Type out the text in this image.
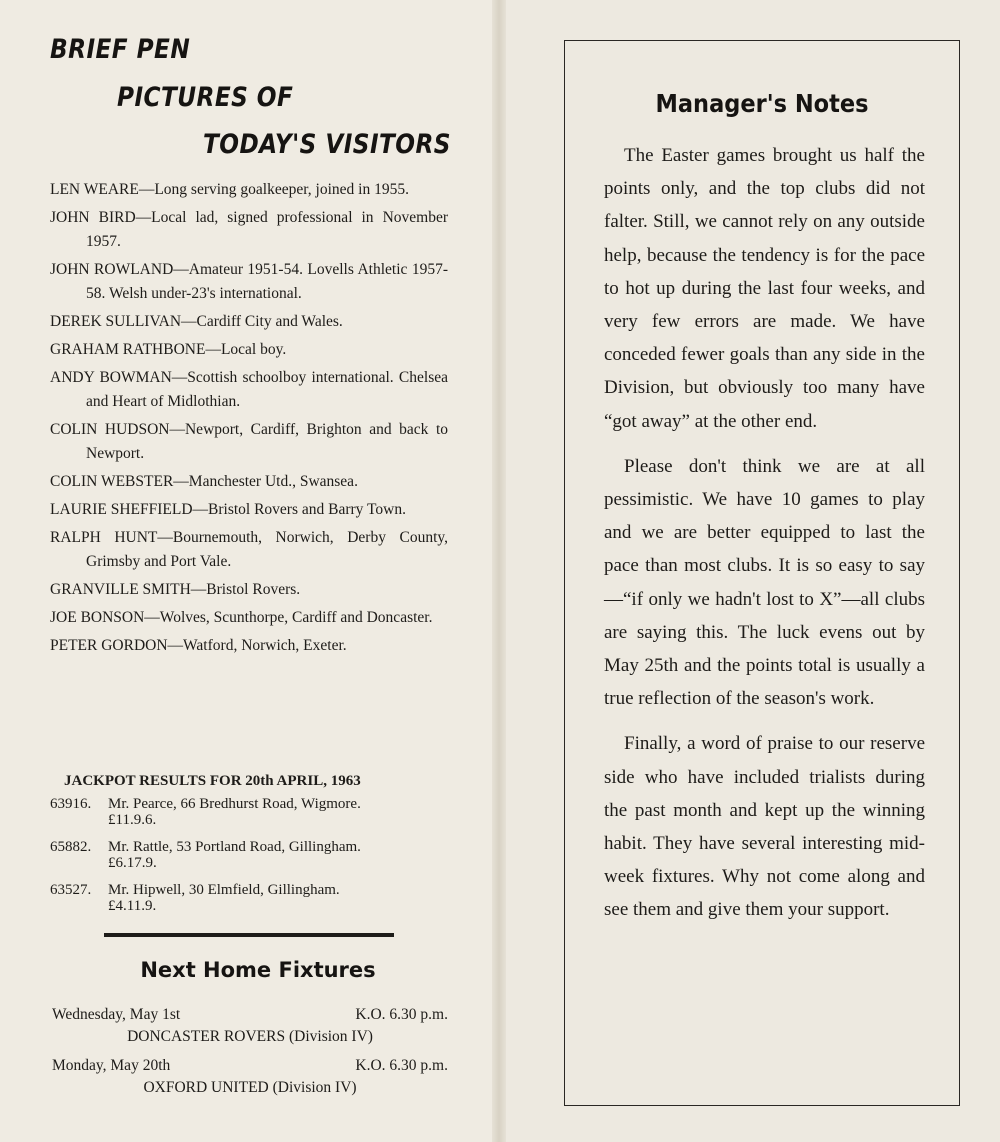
BRIEF PEN
PICTURES OF
TODAY'S VISITORS
LEN WEARE—Long serving goalkeeper, joined in 1955.
JOHN BIRD—Local lad, signed professional in November 1957.
JOHN ROWLAND—Amateur 1951-54. Lovells Athletic 1957-58. Welsh under-23's international.
DEREK SULLIVAN—Cardiff City and Wales.
GRAHAM RATHBONE—Local boy.
ANDY BOWMAN—Scottish schoolboy international. Chelsea and Heart of Midlothian.
COLIN HUDSON—Newport, Cardiff, Brighton and back to Newport.
COLIN WEBSTER—Manchester Utd., Swansea.
LAURIE SHEFFIELD—Bristol Rovers and Barry Town.
RALPH HUNT—Bournemouth, Norwich, Derby County, Grimsby and Port Vale.
GRANVILLE SMITH—Bristol Rovers.
JOE BONSON—Wolves, Scunthorpe, Cardiff and Doncaster.
PETER GORDON—Watford, Norwich, Exeter.
JACKPOT RESULTS FOR 20th APRIL, 1963
63916.	Mr. Pearce, 66 Bredhurst Road, Wigmore.
£11.9.6.
65882.	Mr. Rattle, 53 Portland Road, Gillingham.
£6.17.9.
63527.	Mr. Hipwell, 30 Elmfield, Gillingham.
£4.11.9.
Next Home Fixtures
Wednesday, May 1st	K.O. 6.30 p.m.
DONCASTER ROVERS (Division IV)
Monday, May 20th	K.O. 6.30 p.m.
OXFORD UNITED (Division IV)
Manager's Notes

The Easter games brought us half the points only, and the top clubs did not falter. Still, we cannot rely on any outside help, because the tendency is for the pace to hot up during the last four weeks, and very few errors are made. We have conceded fewer goals than any side in the Division, but obviously too many have “got away” at the other end.

Please don't think we are at all pessimistic. We have 10 games to play and we are better equipped to last the pace than most clubs. It is so easy to say—“if only we hadn't lost to X”—all clubs are saying this. The luck evens out by May 25th and the points total is usually a true reflection of the season's work.

Finally, a word of praise to our reserve side who have included trialists during the past month and kept up the winning habit. They have several interesting mid-week fixtures. Why not come along and see them and give them your support.
